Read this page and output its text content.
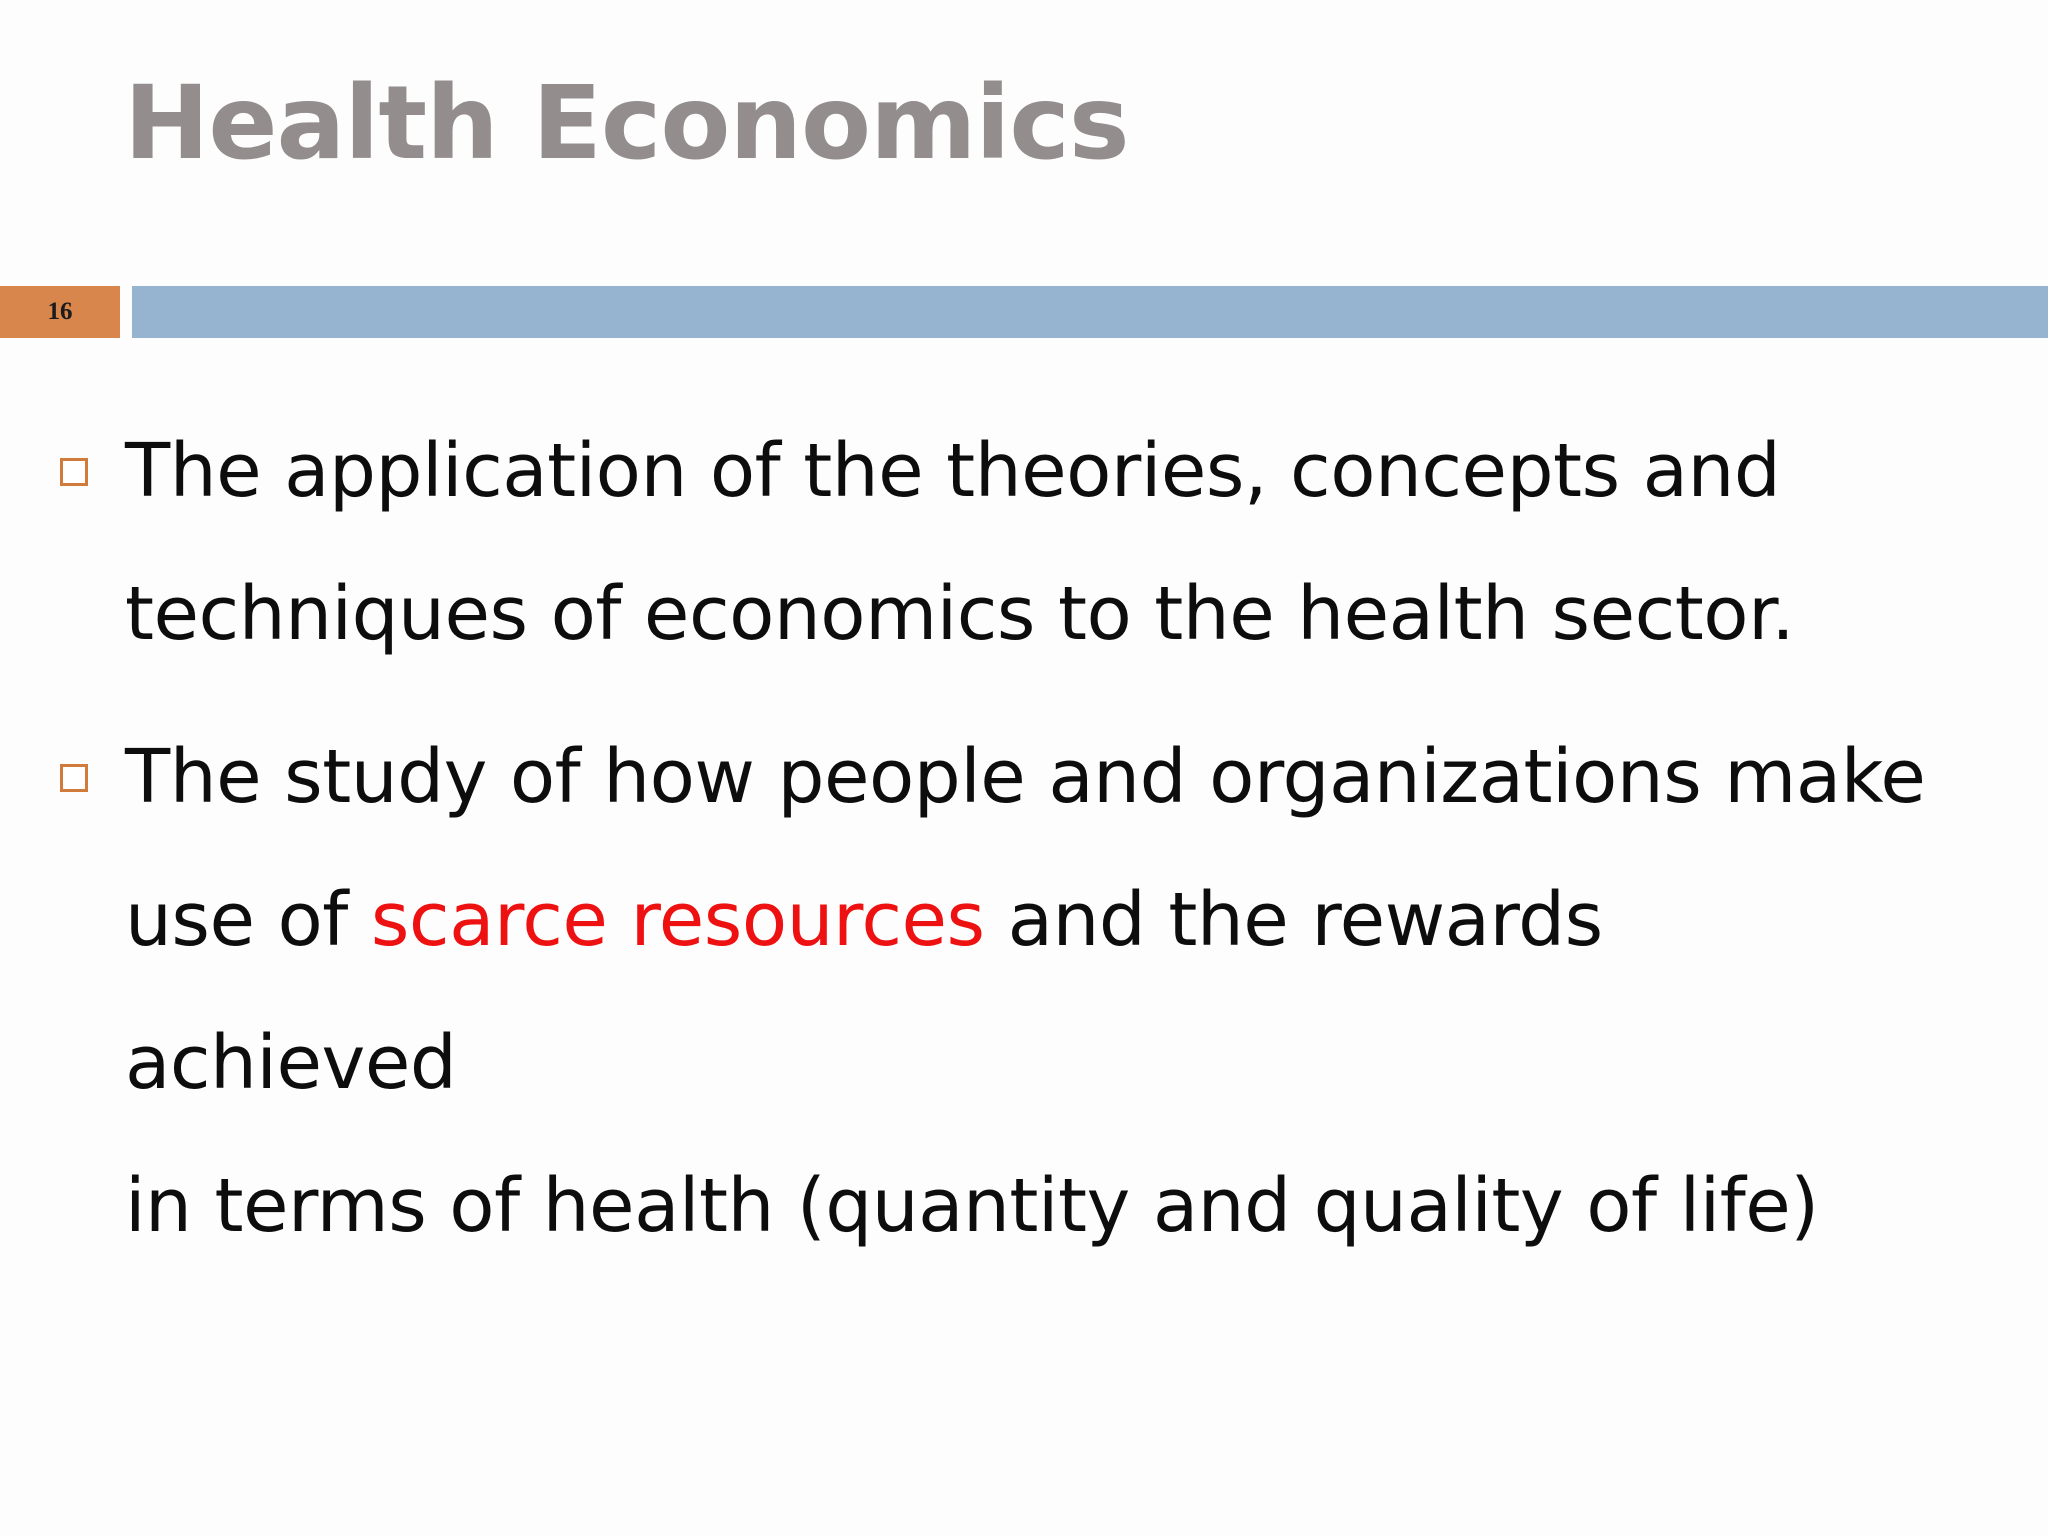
Health Economics
16
The application of the theories, concepts and
techniques of economics to the health sector.
The study of how people and organizations make
use of scarce resources and the rewards achieved
in terms of health (quantity and quality of life)
